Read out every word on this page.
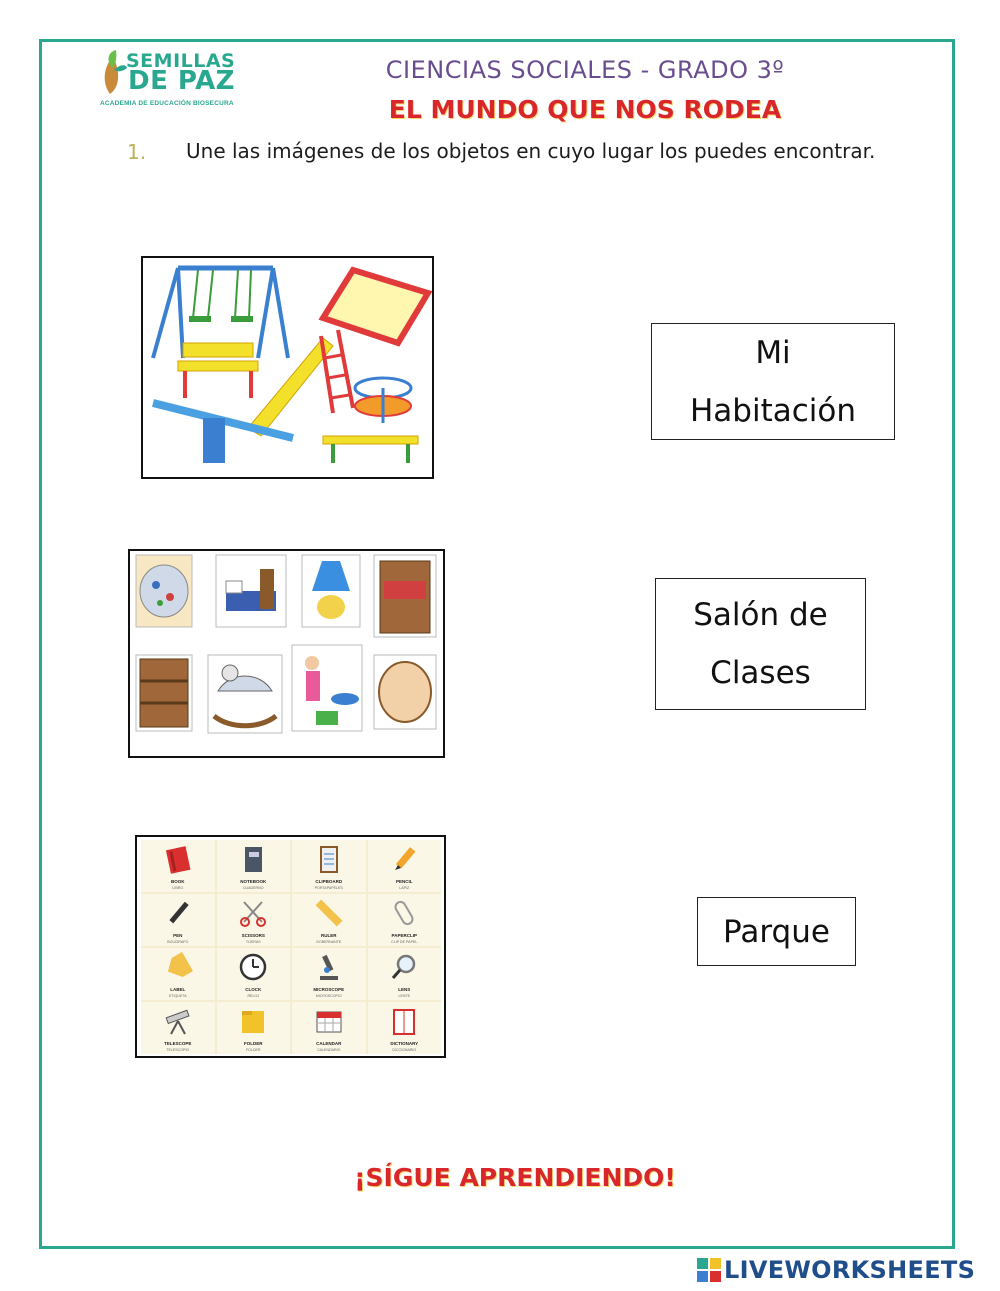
SEMILLAS
DE PAZ
ACADEMIA DE EDUCACIÓN BIOSECURA
CIENCIAS SOCIALES - GRADO 3º
EL MUNDO QUE NOS RODEA
1. Une las imágenes de los objetos en cuyo lugar los puedes encontrar.
BOOK
LIBRO
NOTEBOOK
CUADERNO
CLIPBOARD
PORTAPAPELES
PENCIL
LÁPIZ
PEN
BOLÍGRAFO
SCISSORS
TIJERAS
RULER
GOBERNANTE
PAPERCLIP
CLIP DE PAPEL
LABEL
ETIQUETA
CLOCK
RELOJ
MICROSCOPE
MICROSCOPIO
LENS
LENTE
TELESCOPE
TELESCOPIO
FOLDER
FOLDER
CALENDAR
CALENDARIO
DICTIONARY
DICCIONARIO
Mi
Habitación
Salón de
Clases
Parque
¡SÍGUE APRENDIENDO!
LIVEWORKSHEETS
